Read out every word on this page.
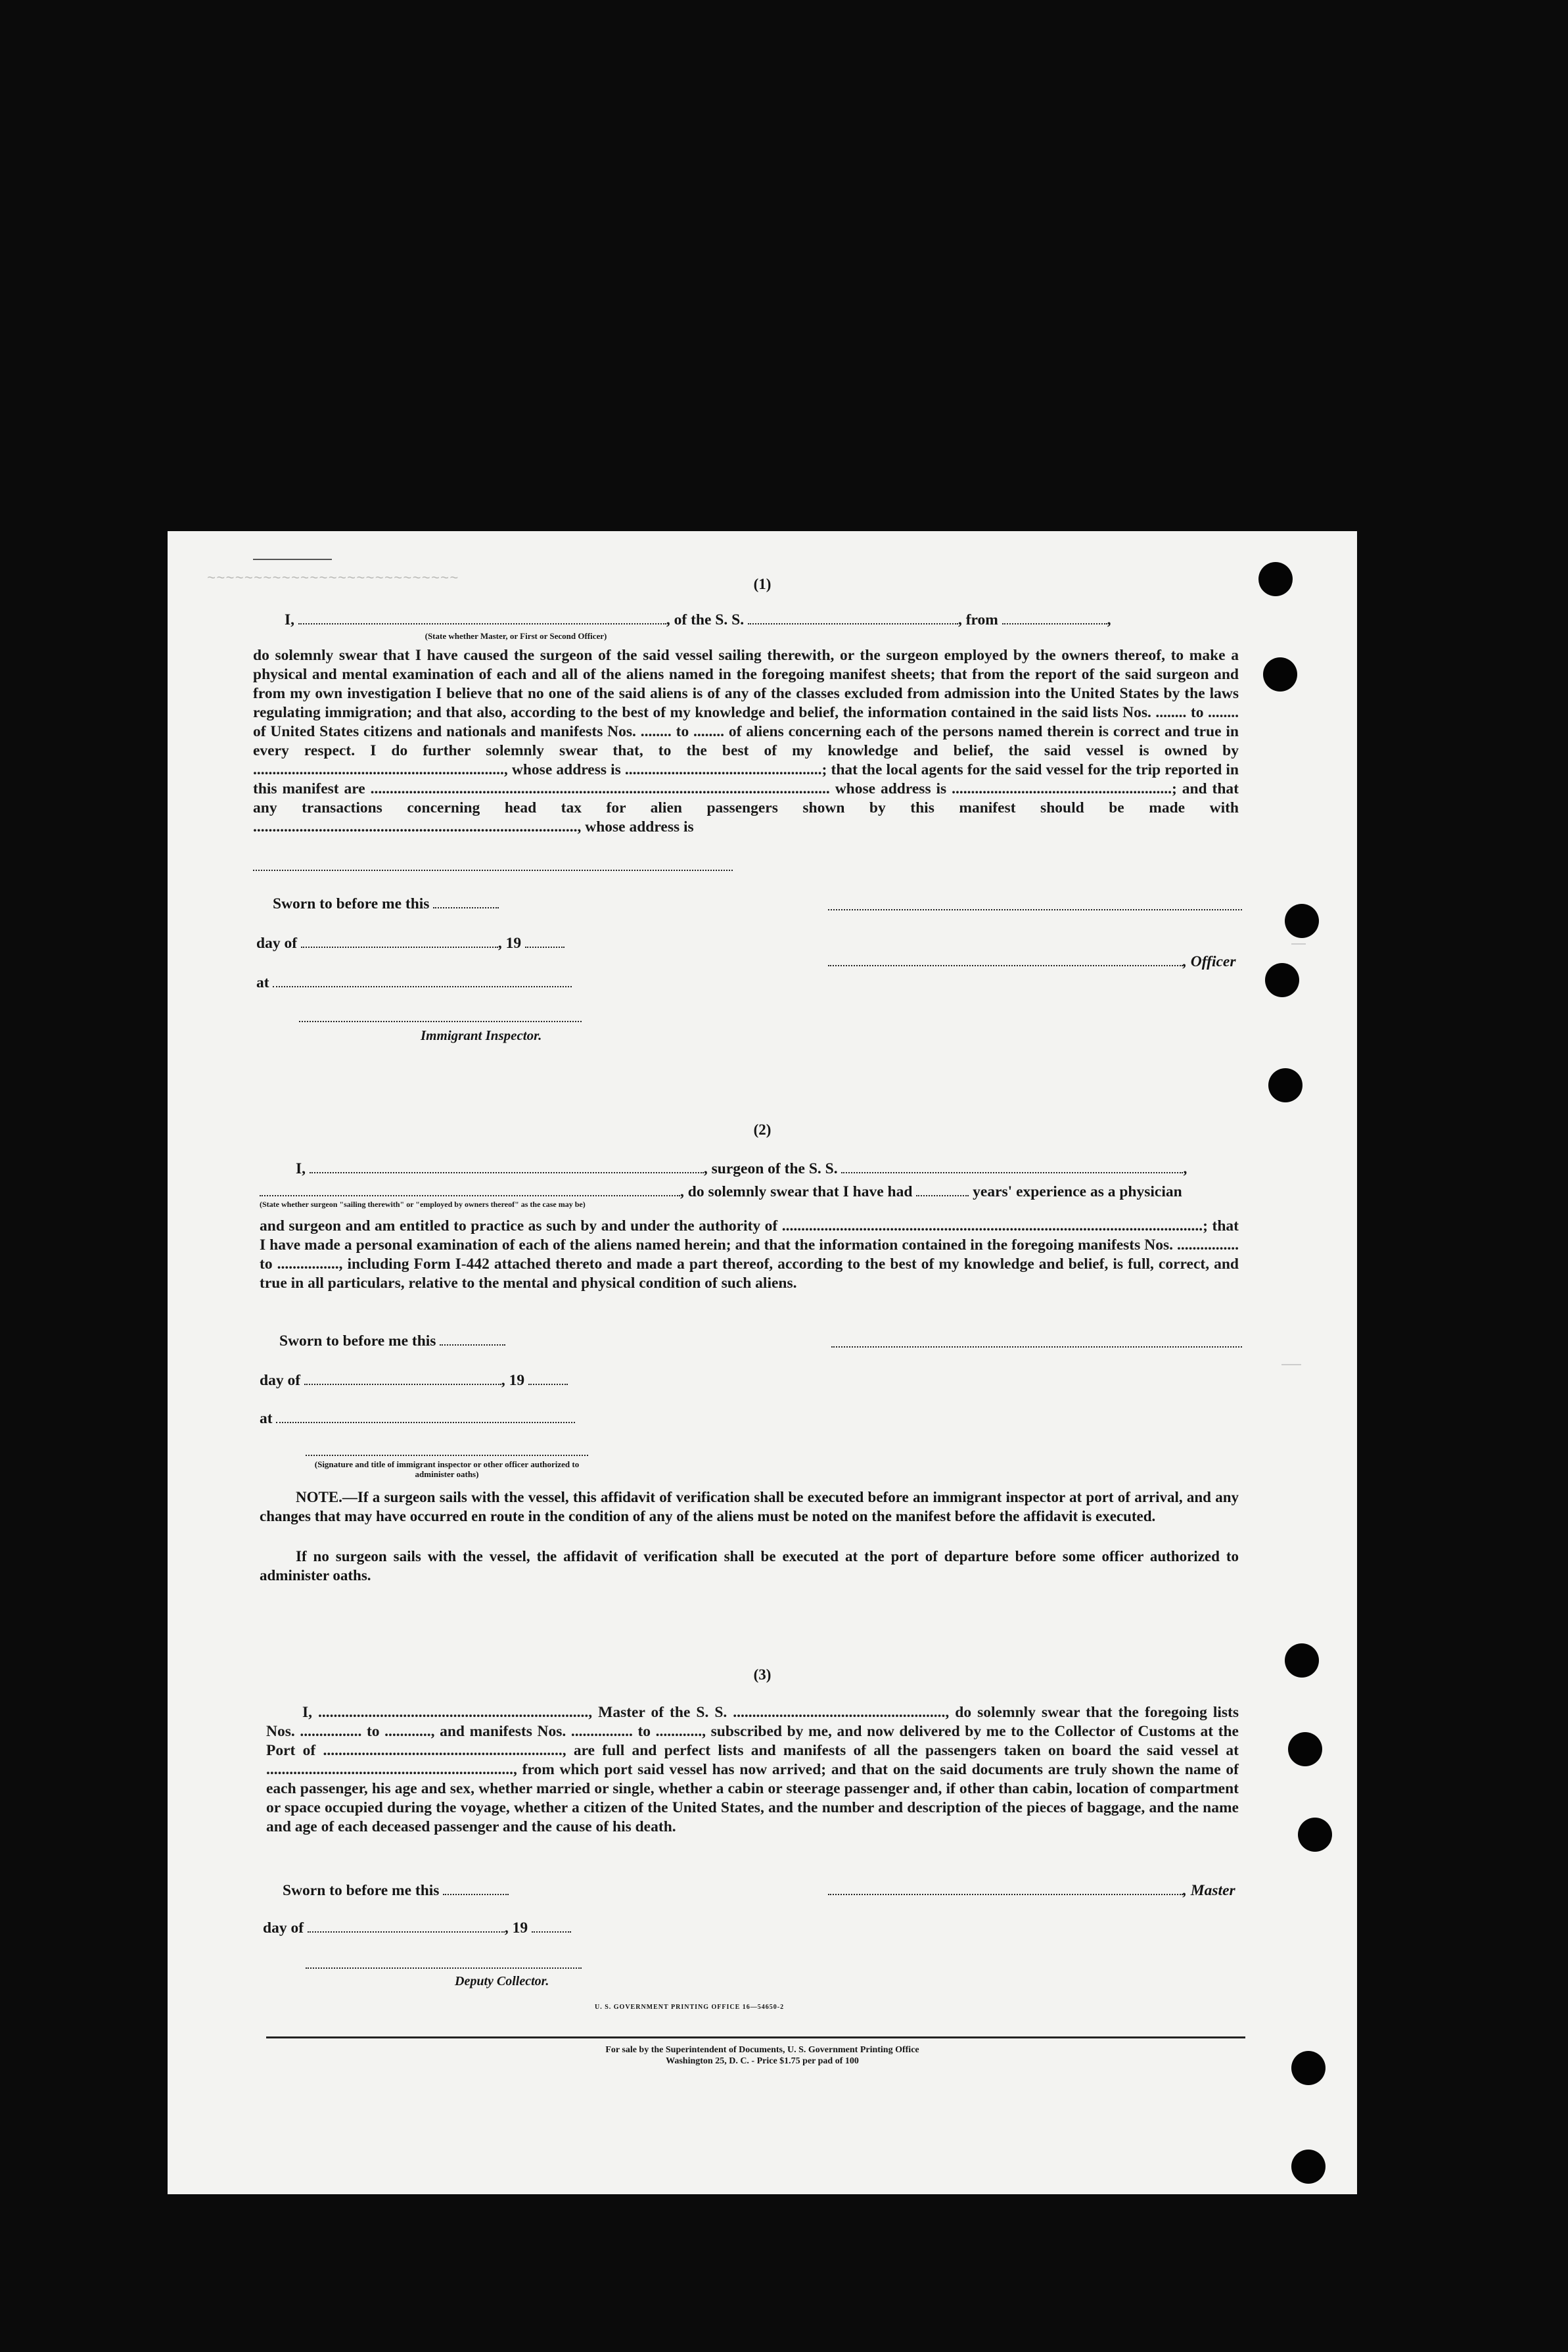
~~~~~~~~~~~~~~~~~~~~~~~~~~~	(1)
I,	, of the S. S.	, from	,
(State whether Master, or First or Second Officer)
do solemnly swear that I have caused the surgeon of the said vessel sailing therewith, or the surgeon employed by the owners thereof, to make a physical and mental examination of each and all of the aliens named in the foregoing manifest sheets; that from the report of the said surgeon and from my own investigation I believe that no one of the said aliens is of any of the classes excluded from admission into the United States by the laws regulating immigration; and that also, according to the best of my knowledge and belief, the information contained in the said lists Nos. ........ to ........ of United States citizens and nationals and manifests Nos. ........ to ........ of aliens concerning each of the persons named therein is correct and true in every respect. I do further solemnly swear that, to the best of my knowledge and belief, the said vessel is owned by ................................................................., whose address is ...................................................; that the local agents for the said vessel for the trip reported in this manifest are ....................................................................................................................... whose address is .........................................................; and that any transactions concerning head tax for alien passengers shown by this manifest should be made with ...................................................................................., whose address is
Sworn to before me this
day of	, 19
, Officer
at
Immigrant Inspector.
(2)
I,	, surgeon of the S. S.	,
, do solemnly swear that I have had	years' experience as a physician
(State whether surgeon "sailing therewith" or "employed by owners thereof" as the case may be)
and surgeon and am entitled to practice as such by and under the authority of .............................................................................................................; that I have made a personal examination of each of the aliens named herein; and that the information contained in the foregoing manifests Nos. ................ to ................, including Form I-442 attached thereto and made a part thereof, according to the best of my knowledge and belief, is full, correct, and true in all particulars, relative to the mental and physical condition of such aliens.
Sworn to before me this
day of	, 19
at
(Signature and title of immigrant inspector or other officer authorized to administer oaths)
NOTE.—If a surgeon sails with the vessel, this affidavit of verification shall be executed before an immigrant inspector at port of arrival, and any changes that may have occurred en route in the condition of any of the aliens must be noted on the manifest before the affidavit is executed.
If no surgeon sails with the vessel, the affidavit of verification shall be executed at the port of departure before some officer authorized to administer oaths.
(3)
I, ......................................................................, Master of the S. S. ......................................................., do solemnly swear that the foregoing lists Nos. ................ to ............, and manifests Nos. ................ to ............, subscribed by me, and now delivered by me to the Collector of Customs at the Port of .............................................................., are full and perfect lists and manifests of all the passengers taken on board the said vessel at ................................................................, from which port said vessel has now arrived; and that on the said documents are truly shown the name of each passenger, his age and sex, whether married or single, whether a cabin or steerage passenger and, if other than cabin, location of compartment or space occupied during the voyage, whether a citizen of the United States, and the number and description of the pieces of baggage, and the name and age of each deceased passenger and the cause of his death.
Sworn to before me this	, Master
day of	, 19
Deputy Collector.
U. S. GOVERNMENT PRINTING OFFICE 16—54650-2
For sale by the Superintendent of Documents, U. S. Government Printing Office
Washington 25, D. C. - Price $1.75 per pad of 100
